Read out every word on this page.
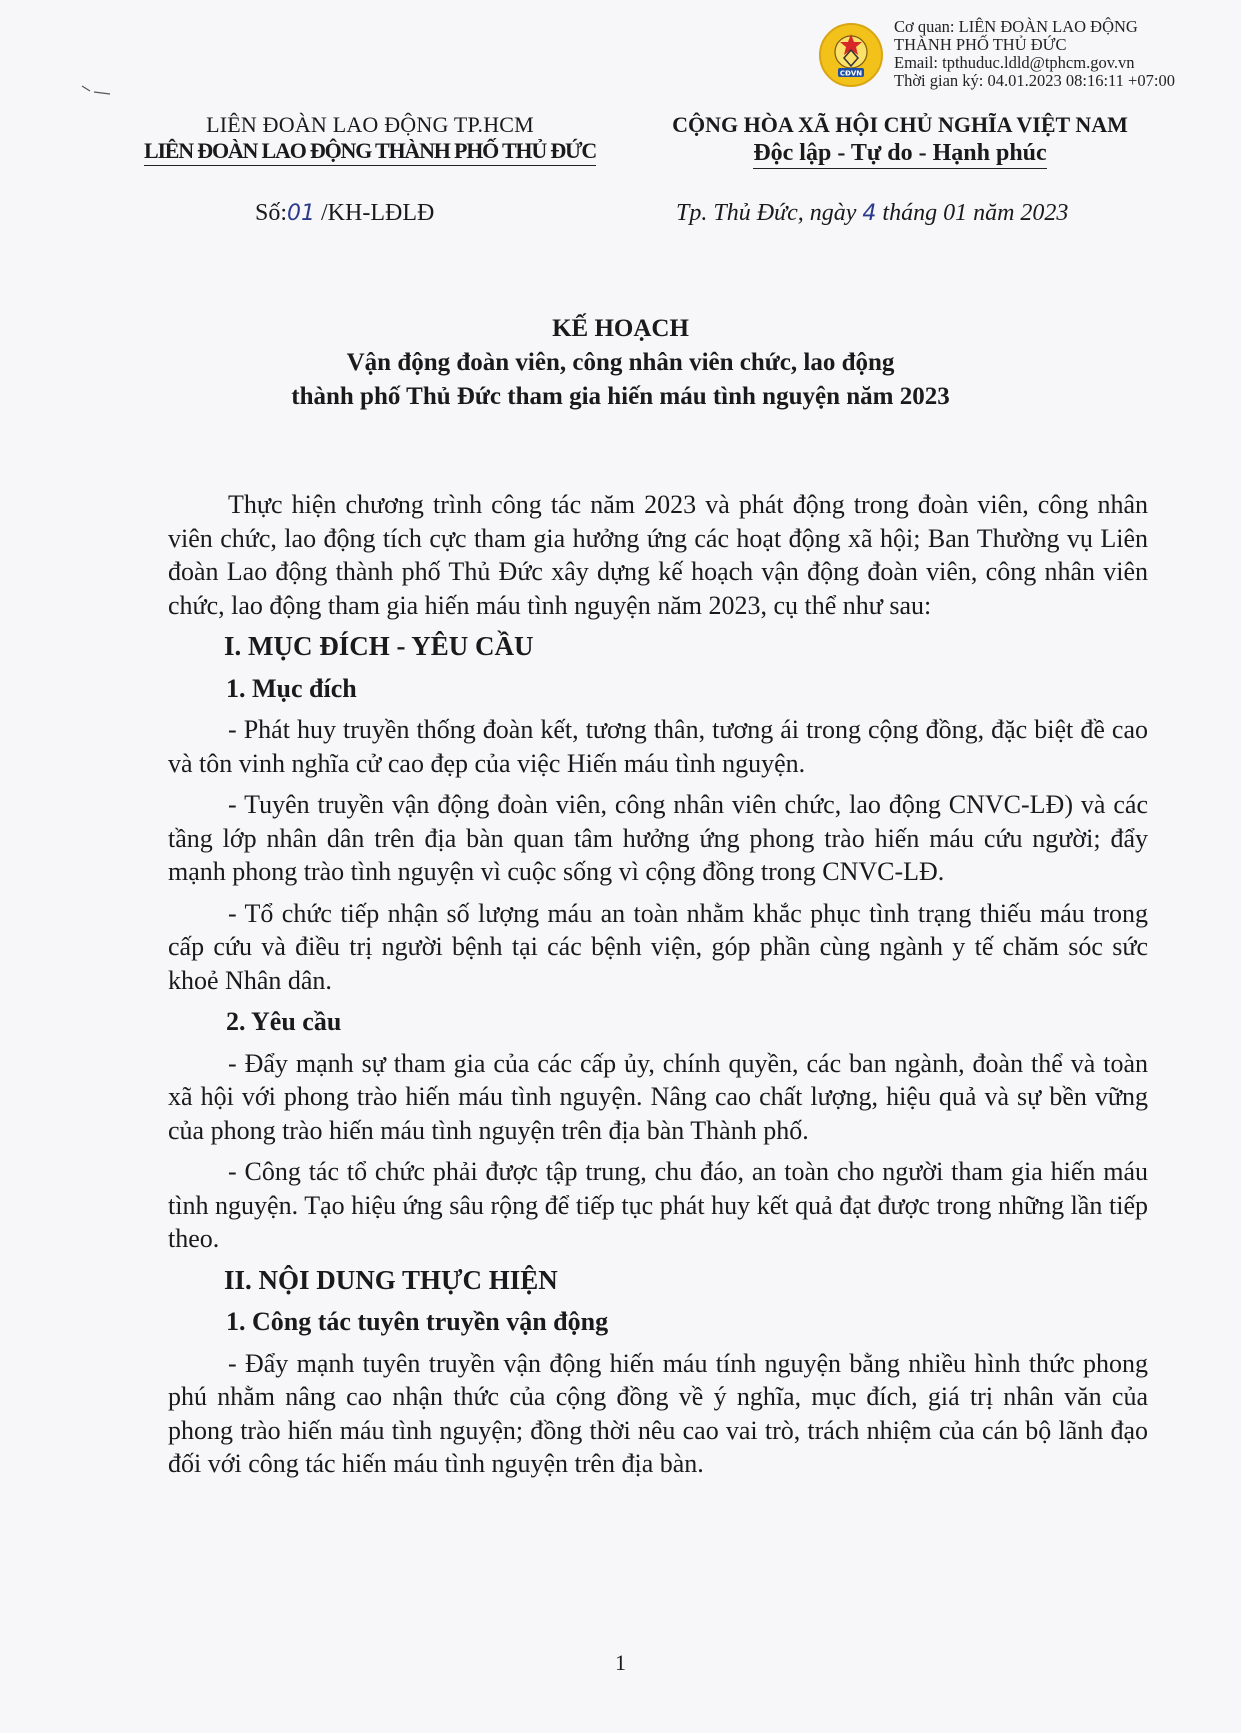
CĐVN
Cơ quan: LIÊN ĐOÀN LAO ĐỘNG
THÀNH PHỐ THỦ ĐỨC
Email: tpthuduc.ldld@tphcm.gov.vn
Thời gian ký: 04.01.2023 08:16:11 +07:00
LIÊN ĐOÀN LAO ĐỘNG TP.HCM
LIÊN ĐOÀN LAO ĐỘNG THÀNH PHỐ THỦ ĐỨC
CỘNG HÒA XÃ HỘI CHỦ NGHĨA VIỆT NAM
Độc lập - Tự do - Hạnh phúc
Số:01 /KH-LĐLĐ	Tp. Thủ Đức, ngày 4 tháng 01 năm 2023
KẾ HOẠCH
Vận động đoàn viên, công nhân viên chức, lao động
thành phố Thủ Đức tham gia hiến máu tình nguyện năm 2023

Thực hiện chương trình công tác năm 2023 và phát động trong đoàn viên, công nhân viên chức, lao động tích cực tham gia hưởng ứng các hoạt động xã hội; Ban Thường vụ Liên đoàn Lao động thành phố Thủ Đức xây dựng kế hoạch vận động đoàn viên, công nhân viên chức, lao động tham gia hiến máu tình nguyện năm 2023, cụ thể như sau:

I. MỤC ĐÍCH - YÊU CẦU
1. Mục đích

- Phát huy truyền thống đoàn kết, tương thân, tương ái trong cộng đồng, đặc biệt đề cao và tôn vinh nghĩa cử cao đẹp của việc Hiến máu tình nguyện.

- Tuyên truyền vận động đoàn viên, công nhân viên chức, lao động CNVC-LĐ) và các tầng lớp nhân dân trên địa bàn quan tâm hưởng ứng phong trào hiến máu cứu người; đẩy mạnh phong trào tình nguyện vì cuộc sống vì cộng đồng trong CNVC-LĐ.

- Tổ chức tiếp nhận số lượng máu an toàn nhằm khắc phục tình trạng thiếu máu trong cấp cứu và điều trị người bệnh tại các bệnh viện, góp phần cùng ngành y tế chăm sóc sức khoẻ Nhân dân.

2. Yêu cầu

- Đẩy mạnh sự tham gia của các cấp ủy, chính quyền, các ban ngành, đoàn thể và toàn xã hội với phong trào hiến máu tình nguyện. Nâng cao chất lượng, hiệu quả và sự bền vững của phong trào hiến máu tình nguyện trên địa bàn Thành phố.

- Công tác tổ chức phải được tập trung, chu đáo, an toàn cho người tham gia hiến máu tình nguyện. Tạo hiệu ứng sâu rộng để tiếp tục phát huy kết quả đạt được trong những lần tiếp theo.

II. NỘI DUNG THỰC HIỆN
1. Công tác tuyên truyền vận động

- Đẩy mạnh tuyên truyền vận động hiến máu tính nguyện bằng nhiều hình thức phong phú nhằm nâng cao nhận thức của cộng đồng về ý nghĩa, mục đích, giá trị nhân văn của phong trào hiến máu tình nguyện; đồng thời nêu cao vai trò, trách nhiệm của cán bộ lãnh đạo đối với công tác hiến máu tình nguyện trên địa bàn.

1
